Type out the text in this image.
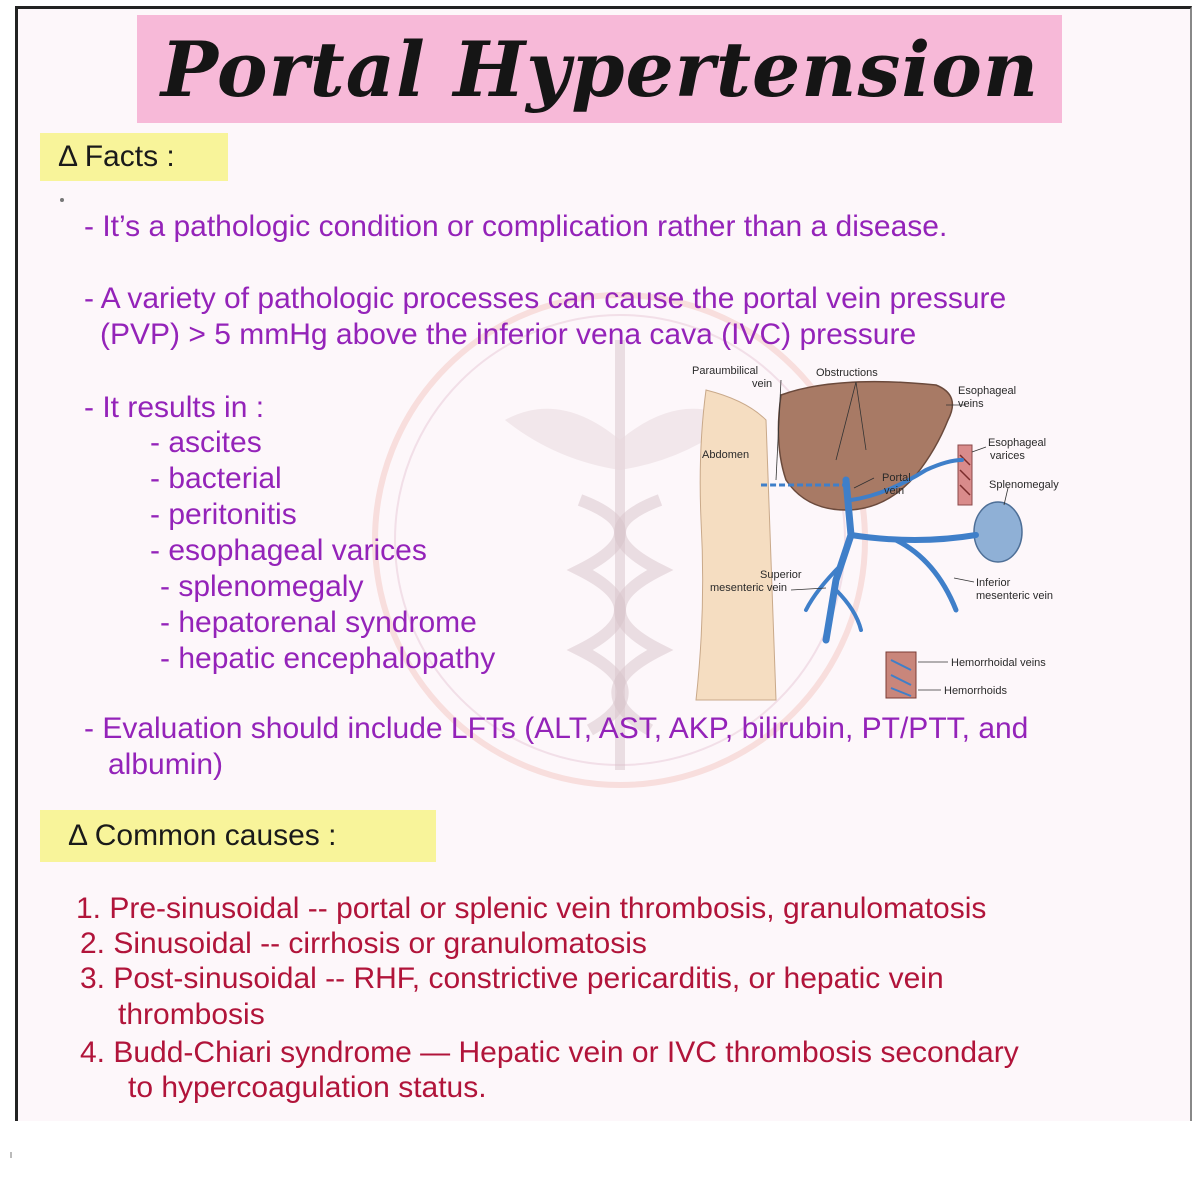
Portal Hypertension
Δ Facts :

- It’s a pathologic condition or complication rather than a disease.

- A variety of pathologic processes can cause the portal vein pressure

(PVP) > 5 mmHg above the inferior vena cava (IVC) pressure

- It results in :

- ascites

- bacterial

- peritonitis

- esophageal varices

- splenomegaly

- hepatorenal syndrome

- hepatic encephalopathy

- Evaluation should include LFTs (ALT, AST, AKP, bilirubin, PT/PTT, and

albumin)

Paraumbilical
vein
Obstructions
Esophageal
veins
Abdomen
Esophageal
varices
Portal
vein	Splenomegaly
Superior
mesenteric vein	Inferior
mesenteric vein
Hemorrhoidal veins
Hemorrhoids
Δ Common causes :

1. Pre-sinusoidal -- portal or splenic vein thrombosis, granulomatosis

2. Sinusoidal -- cirrhosis or granulomatosis

3. Post-sinusoidal -- RHF, constrictive pericarditis, or hepatic vein

thrombosis

4. Budd-Chiari syndrome — Hepatic vein or IVC thrombosis secondary

to hypercoagulation status.
